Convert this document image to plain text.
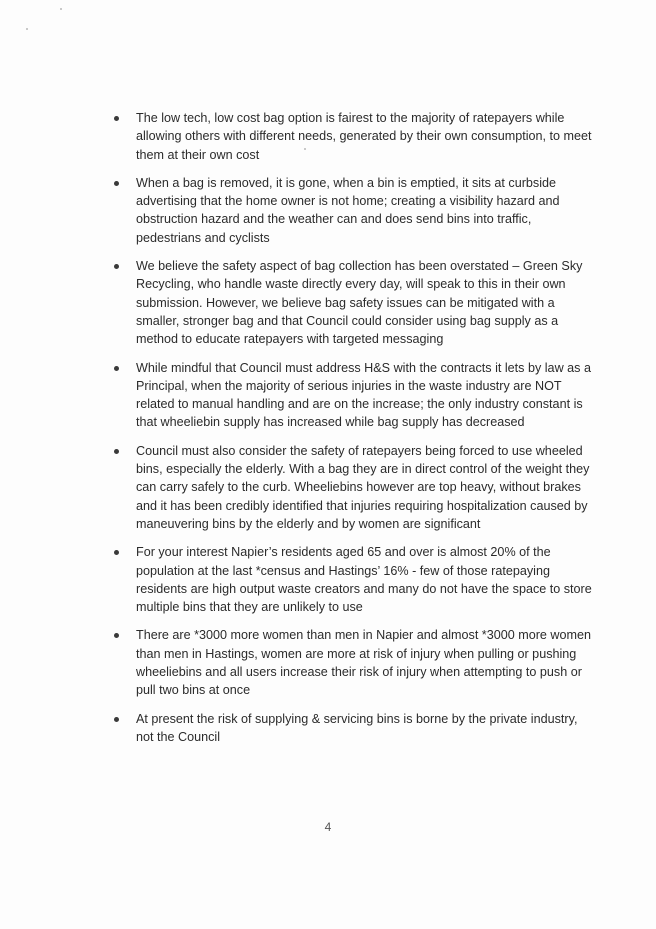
The low tech, low cost bag option is fairest to the majority of ratepayers while allowing others with different needs, generated by their own consumption, to meet them at their own cost
When a bag is removed, it is gone, when a bin is emptied, it sits at curbside advertising that the home owner is not home; creating a visibility hazard and obstruction hazard and the weather can and does send bins into traffic, pedestrians and cyclists
We believe the safety aspect of bag collection has been overstated – Green Sky Recycling, who handle waste directly every day, will speak to this in their own submission. However, we believe bag safety issues can be mitigated with a smaller, stronger bag and that Council could consider using bag supply as a method to educate ratepayers with targeted messaging
While mindful that Council must address H&S with the contracts it lets by law as a Principal, when the majority of serious injuries in the waste industry are NOT related to manual handling and are on the increase; the only industry constant is that wheeliebin supply has increased while bag supply has decreased
Council must also consider the safety of ratepayers being forced to use wheeled bins, especially the elderly. With a bag they are in direct control of the weight they can carry safely to the curb. Wheeliebins however are top heavy, without brakes and it has been credibly identified that injuries requiring hospitalization caused by maneuvering bins by the elderly and by women are significant
For your interest Napier’s residents aged 65 and over is almost 20% of the population at the last *census and Hastings’ 16% - few of those ratepaying residents are high output waste creators and many do not have the space to store multiple bins that they are unlikely to use
There are *3000 more women than men in Napier and almost *3000 more women than men in Hastings, women are more at risk of injury when pulling or pushing wheeliebins and all users increase their risk of injury when attempting to push or pull two bins at once
At present the risk of supplying & servicing bins is borne by the private industry, not the Council
4
